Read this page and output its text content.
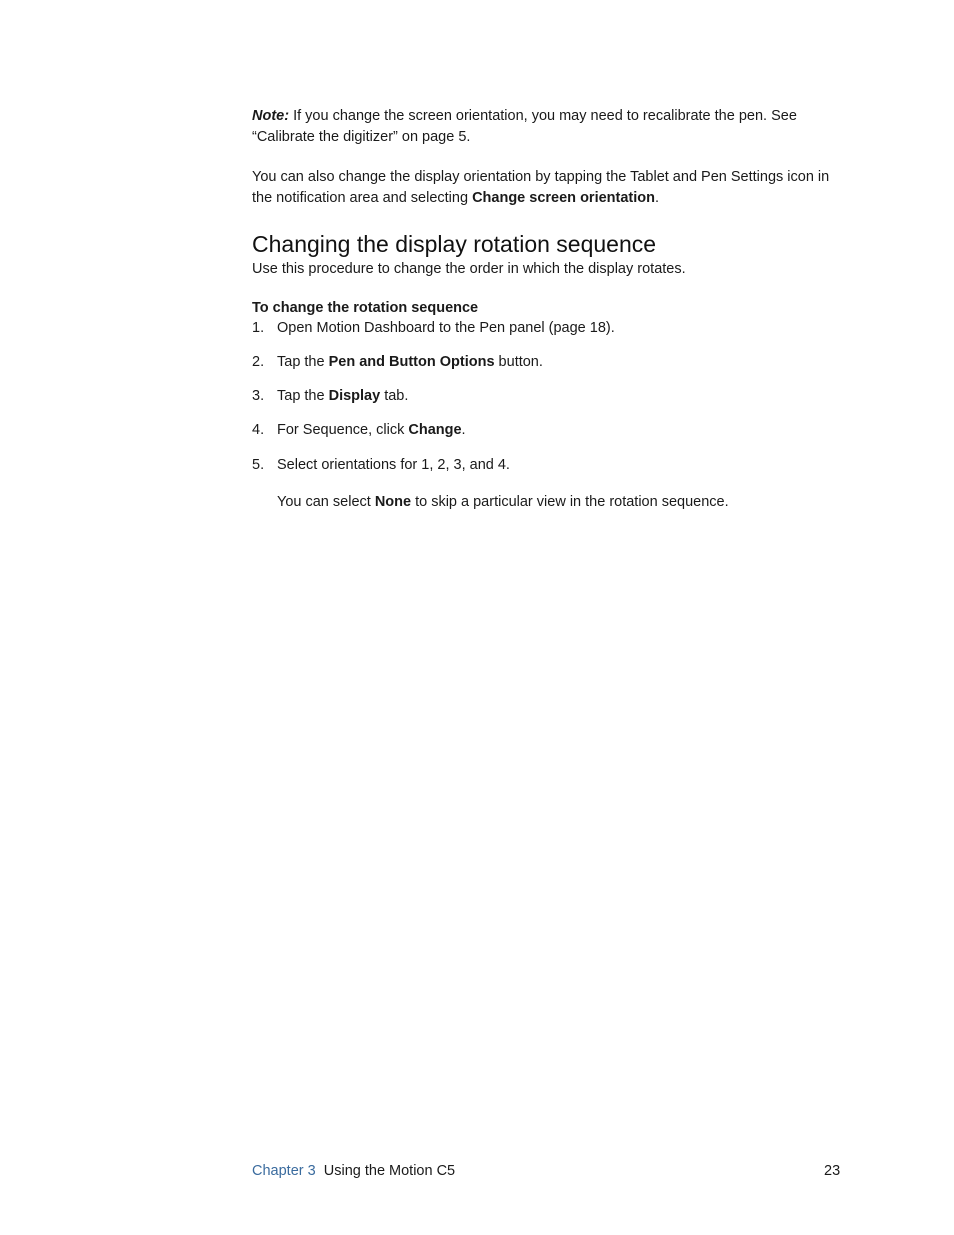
Note: If you change the screen orientation, you may need to recalibrate the pen. See
“Calibrate the digitizer” on page 5.
You can also change the display orientation by tapping the Tablet and Pen Settings icon in
the notification area and selecting Change screen orientation.
Changing the display rotation sequence
Use this procedure to change the order in which the display rotates.
To change the rotation sequence
1. Open Motion Dashboard to the Pen panel (page 18).
2. Tap the Pen and Button Options button.
3. Tap the Display tab.
4. For Sequence, click Change.
5. Select orientations for 1, 2, 3, and 4.
You can select None to skip a particular view in the rotation sequence.
Chapter 3 Using the Motion C5	23
